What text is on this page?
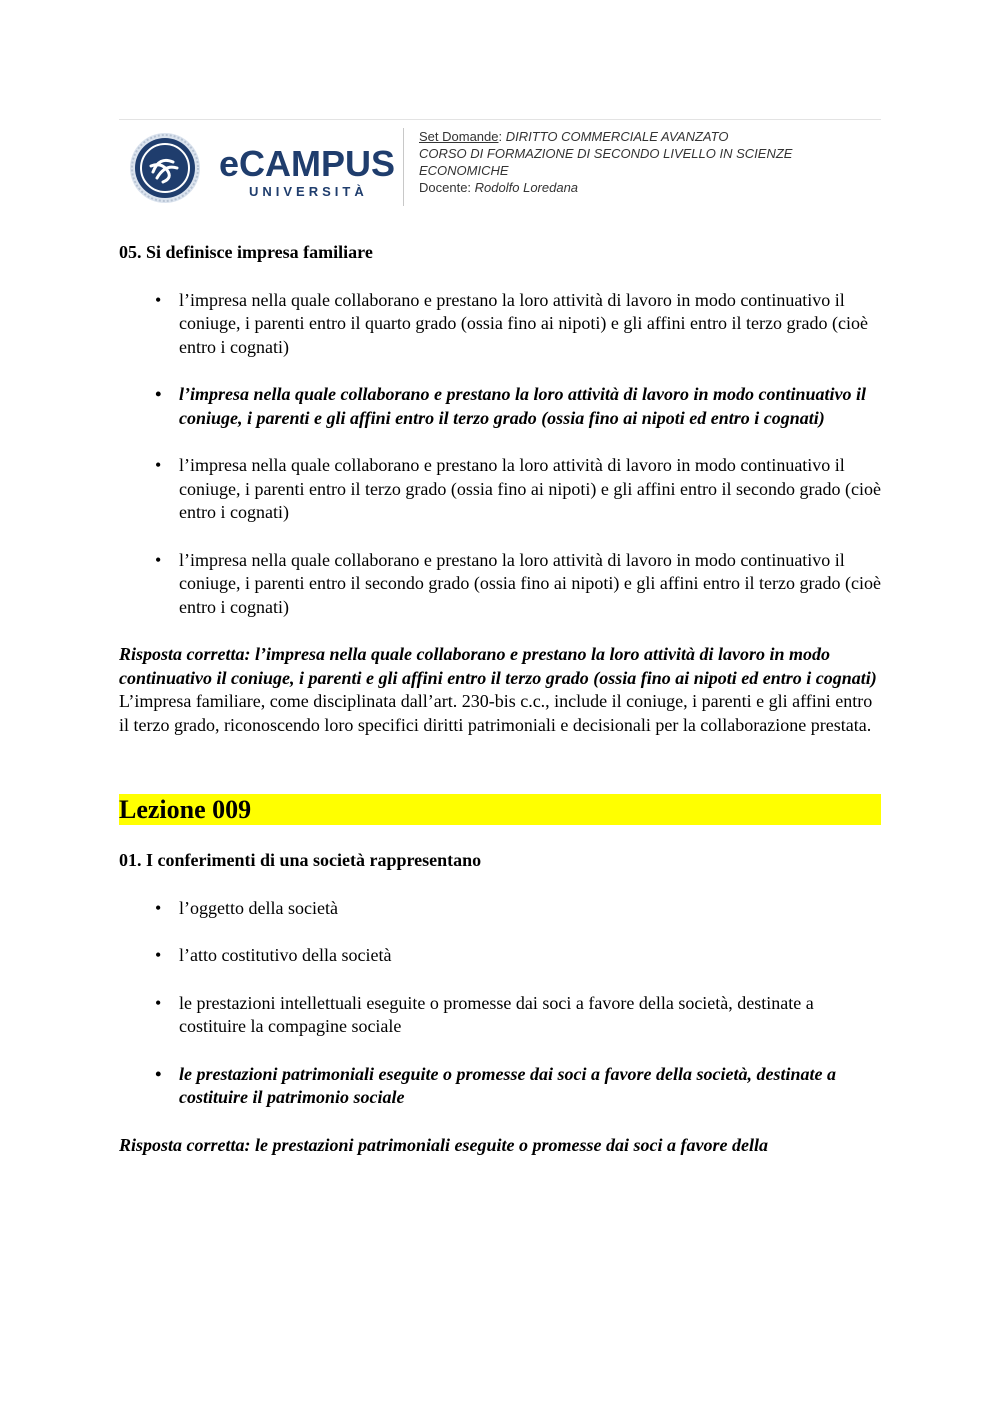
eCAMPUS
UNIVERSITÀ

Set Domande: DIRITTO COMMERCIALE AVANZATO

CORSO DI FORMAZIONE DI SECONDO LIVELLO IN SCIENZE ECONOMICHE

Docente: Rodolfo Loredana

05. Si definisce impresa familiare

• l’impresa nella quale collaborano e prestano la loro attività di lavoro in modo continuativo il coniuge, i parenti entro il quarto grado (ossia fino ai nipoti) e gli affini entro il terzo grado (cioè entro i cognati)
• l’impresa nella quale collaborano e prestano la loro attività di lavoro in modo continuativo il coniuge, i parenti e gli affini entro il terzo grado (ossia fino ai nipoti ed entro i cognati)
• l’impresa nella quale collaborano e prestano la loro attività di lavoro in modo continuativo il coniuge, i parenti entro il terzo grado (ossia fino ai nipoti) e gli affini entro il secondo grado (cioè entro i cognati)
• l’impresa nella quale collaborano e prestano la loro attività di lavoro in modo continuativo il coniuge, i parenti entro il secondo grado (ossia fino ai nipoti) e gli affini entro il terzo grado (cioè entro i cognati)

Risposta corretta: l’impresa nella quale collaborano e prestano la loro attività di lavoro in modo continuativo il coniuge, i parenti e gli affini entro il terzo grado (ossia fino ai nipoti ed entro i cognati)

L’impresa familiare, come disciplinata dall’art. 230-bis c.c., include il coniuge, i parenti e gli affini entro il terzo grado, riconoscendo loro specifici diritti patrimoniali e decisionali per la collaborazione prestata.

Lezione 009

01. I conferimenti di una società rappresentano

• l’oggetto della società
• l’atto costitutivo della società
• le prestazioni intellettuali eseguite o promesse dai soci a favore della società, destinate a costituire la compagine sociale
• le prestazioni patrimoniali eseguite o promesse dai soci a favore della società, destinate a costituire il patrimonio sociale

Risposta corretta: le prestazioni patrimoniali eseguite o promesse dai soci a favore della
